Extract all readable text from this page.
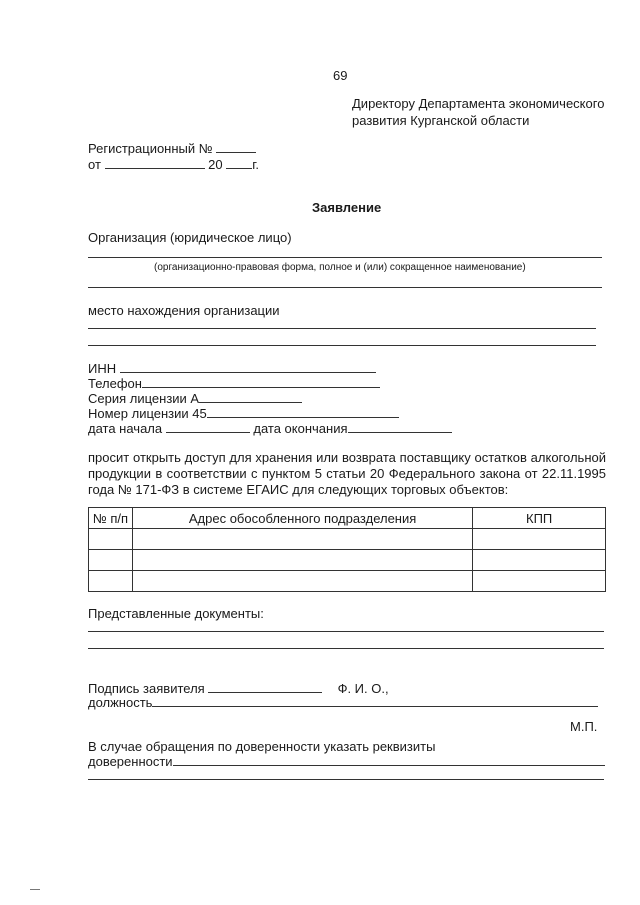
69
Директору Департамента экономического
развития Курганской области
Регистрационный №
от	20 г.
Заявление
Организация (юридическое лицо)
(организационно-правовая форма, полное и (или) сокращенное наименование)
место нахождения организации
ИНН
Телефон
Серия лицензии А
Номер лицензии 45
дата начала	дата окончания
просит открыть доступ для хранения или возврата поставщику остатков алкогольной
продукции в соответствии с пунктом 5 статьи 20 Федерального закона от 22.11.1995
года № 171-ФЗ в системе ЕГАИС для следующих торговых объектов:
№ п/п	Адрес обособленного подразделения	КПП

Представленные документы:
Подпись заявителя	Ф. И. О.,
должность
М.П.
В случае обращения по доверенности указать реквизиты
доверенности
